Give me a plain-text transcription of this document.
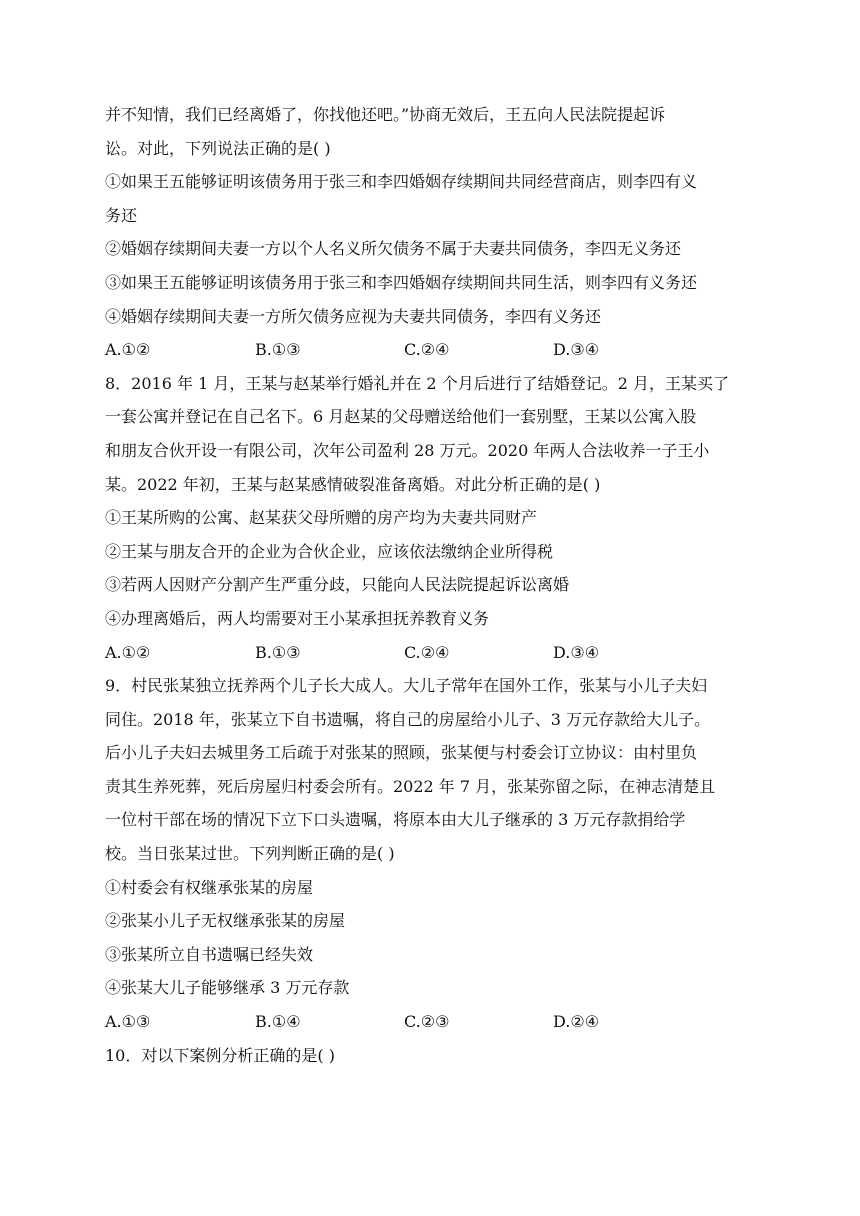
并不知情，我们已经离婚了，你找他还吧。”协商无效后，王五向人民法院提起诉
讼。对此，下列说法正确的是( )
①如果王五能够证明该债务用于张三和李四婚姻存续期间共同经营商店，则李四有义
务还
②婚姻存续期间夫妻一方以个人名义所欠债务不属于夫妻共同债务，李四无义务还
③如果王五能够证明该债务用于张三和李四婚姻存续期间共同生活，则李四有义务还
④婚姻存续期间夫妻一方所欠债务应视为夫妻共同债务，李四有义务还
A.①②	B.①③	C.②④	D.③④
8．2016 年 1 月，王某与赵某举行婚礼并在 2 个月后进行了结婚登记。2 月，王某买了
一套公寓并登记在自己名下。6 月赵某的父母赠送给他们一套别墅，王某以公寓入股
和朋友合伙开设一有限公司，次年公司盈利 28 万元。2020 年两人合法收养一子王小
某。2022 年初，王某与赵某感情破裂准备离婚。对此分析正确的是( )
①王某所购的公寓、赵某获父母所赠的房产均为夫妻共同财产
②王某与朋友合开的企业为合伙企业，应该依法缴纳企业所得税
③若两人因财产分割产生严重分歧，只能向人民法院提起诉讼离婚
④办理离婚后，两人均需要对王小某承担抚养教育义务
A.①②	B.①③	C.②④	D.③④
9．村民张某独立抚养两个儿子长大成人。大儿子常年在国外工作，张某与小儿子夫妇
同住。2018 年，张某立下自书遗嘱，将自己的房屋给小儿子、3 万元存款给大儿子。
后小儿子夫妇去城里务工后疏于对张某的照顾，张某便与村委会订立协议：由村里负
责其生养死葬，死后房屋归村委会所有。2022 年 7 月，张某弥留之际，在神志清楚且
一位村干部在场的情况下立下口头遗嘱，将原本由大儿子继承的 3 万元存款捐给学
校。当日张某过世。下列判断正确的是( )
①村委会有权继承张某的房屋
②张某小儿子无权继承张某的房屋
③张某所立自书遗嘱已经失效
④张某大儿子能够继承 3 万元存款
A.①③	B.①④	C.②③	D.②④
10．对以下案例分析正确的是( )
